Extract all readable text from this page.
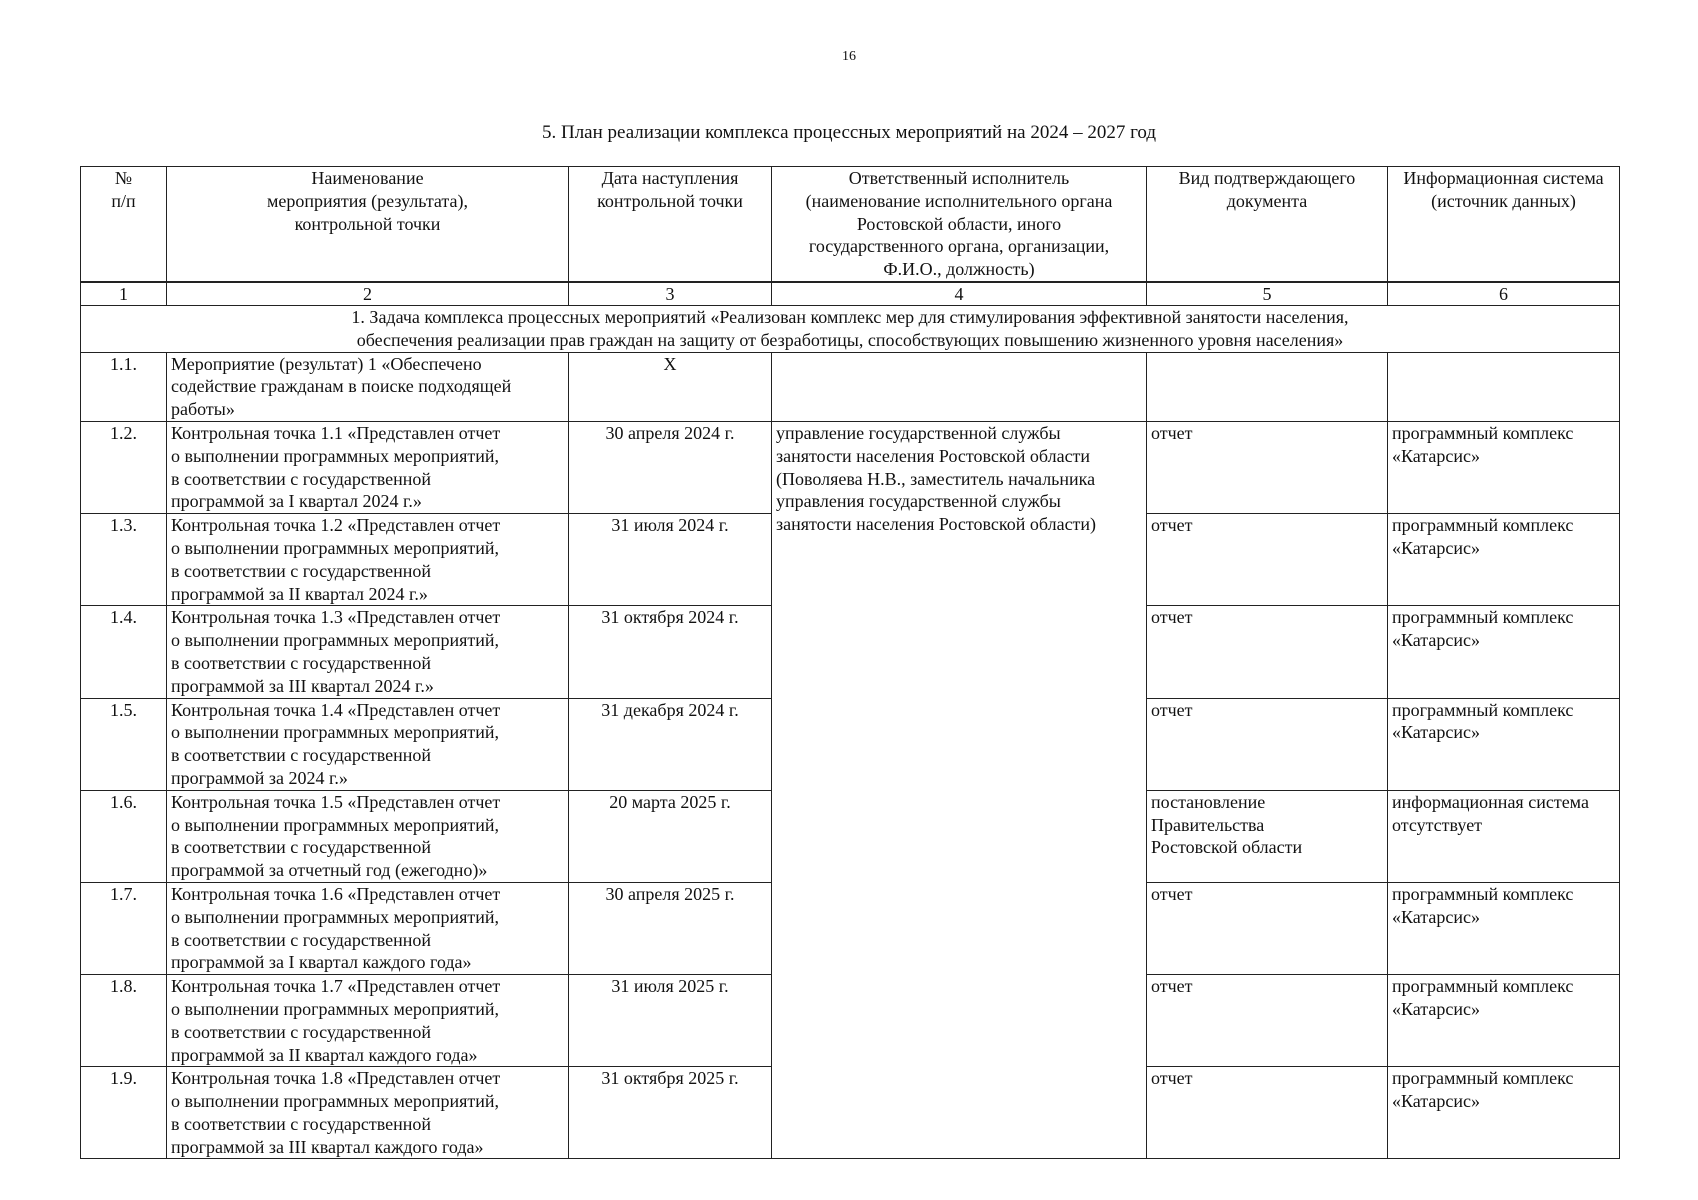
16
5. План реализации комплекса процессных мероприятий на 2024 – 2027 год
№
п/п	Наименование
мероприятия (результата),
контрольной точки	Дата наступления
контрольной точки	Ответственный исполнитель
(наименование исполнительного органа
Ростовской области, иного
государственного органа, организации,
Ф.И.О., должность)	Вид подтверждающего
документа	Информационная система
(источник данных)
1	2	3	4	5	6
1. Задача комплекса процессных мероприятий «Реализован комплекс мер для стимулирования эффективной занятости населения,
обеспечения реализации прав граждан на защиту от безработицы, способствующих повышению жизненного уровня населения»					
1.1.	Мероприятие (результат) 1 «Обеспечено
содействие гражданам в поиске подходящей
работы»	X			
1.2.	Контрольная точка 1.1 «Представлен отчет
о выполнении программных мероприятий,
в соответствии с государственной
программой за I квартал 2024 г.»	30 апреля 2024 г.	управление государственной службы
занятости населения Ростовской области
(Поволяева Н.В., заместитель начальника
управления государственной службы
занятости населения Ростовской области)	отчет	программный комплекс
«Катарсис»
1.3.	Контрольная точка 1.2 «Представлен отчет
о выполнении программных мероприятий,
в соответствии с государственной
программой за II квартал 2024 г.»	31 июля 2024 г.		отчет	программный комплекс
«Катарсис»
1.4.	Контрольная точка 1.3 «Представлен отчет
о выполнении программных мероприятий,
в соответствии с государственной
программой за III квартал 2024 г.»	31 октября 2024 г.		отчет	программный комплекс
«Катарсис»
1.5.	Контрольная точка 1.4 «Представлен отчет
о выполнении программных мероприятий,
в соответствии с государственной
программой за 2024 г.»	31 декабря 2024 г.		отчет	программный комплекс
«Катарсис»
1.6.	Контрольная точка 1.5 «Представлен отчет
о выполнении программных мероприятий,
в соответствии с государственной
программой за отчетный год (ежегодно)»	20 марта 2025 г.		постановление
Правительства
Ростовской области	информационная система
отсутствует
1.7.	Контрольная точка 1.6 «Представлен отчет
о выполнении программных мероприятий,
в соответствии с государственной
программой за I квартал каждого года»	30 апреля 2025 г.		отчет	программный комплекс
«Катарсис»
1.8.	Контрольная точка 1.7 «Представлен отчет
о выполнении программных мероприятий,
в соответствии с государственной
программой за II квартал каждого года»	31 июля 2025 г.		отчет	программный комплекс
«Катарсис»
1.9.	Контрольная точка 1.8 «Представлен отчет
о выполнении программных мероприятий,
в соответствии с государственной
программой за III квартал каждого года»	31 октября 2025 г.		отчет	программный комплекс
«Катарсис»
